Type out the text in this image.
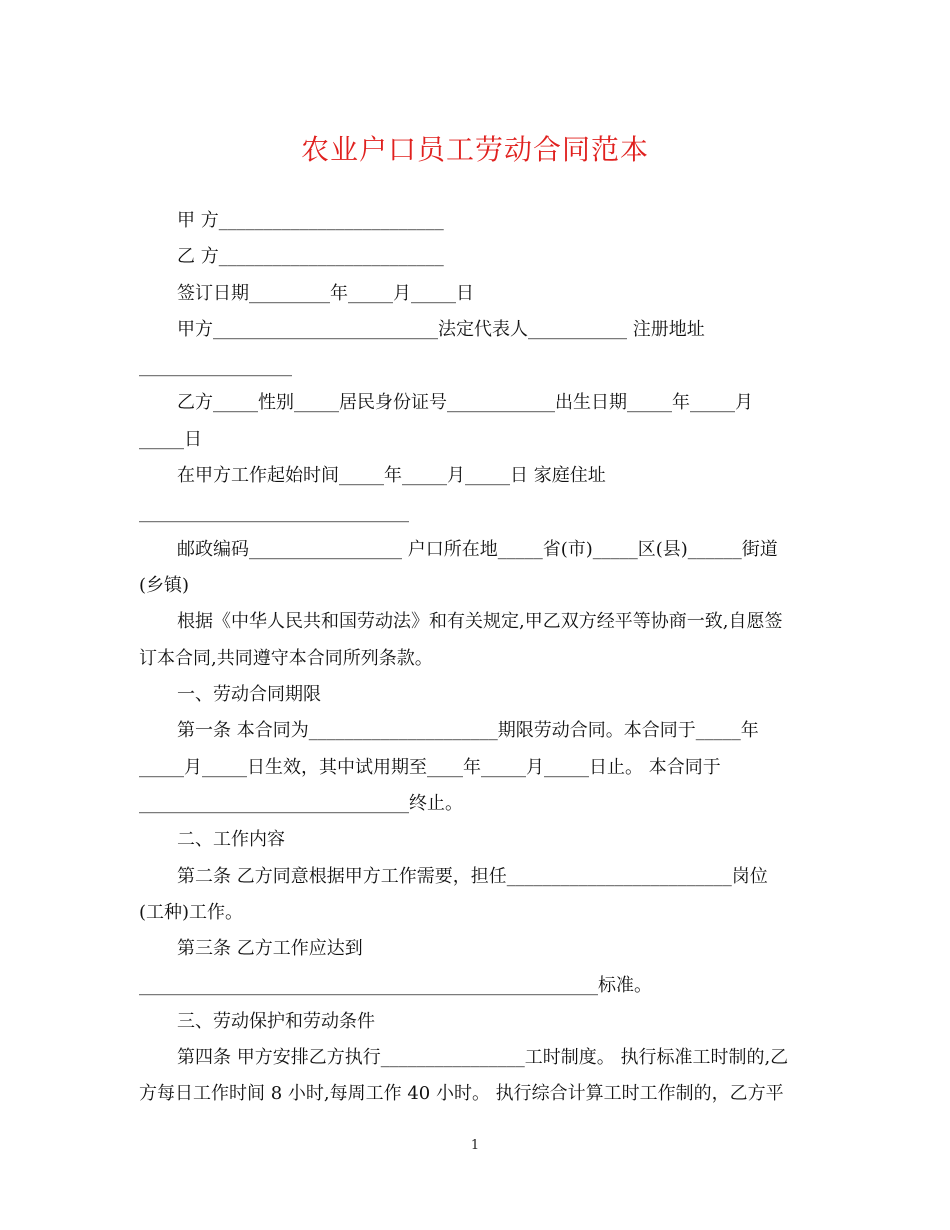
农业户口员工劳动合同范本
甲 方_________________________
乙 方_________________________
签订日期_________年_____月_____日
甲方_________________________法定代表人___________ 注册地址
_________________
乙方_____性别_____居民身份证号____________出生日期_____年_____月
_____日
在甲方工作起始时间_____年_____月_____日 家庭住址
______________________________
邮政编码_________________ 户口所在地_____省(市)_____区(县)______街道
(乡镇)
根据《中华人民共和国劳动法》和有关规定,甲乙双方经平等协商一致,自愿签
订本合同,共同遵守本合同所列条款。
一、劳动合同期限
第一条 本合同为_____________________期限劳动合同。本合同于_____年
_____月_____日生效，其中试用期至____年_____月_____日止。 本合同于
______________________________终止。
二、工作内容
第二条 乙方同意根据甲方工作需要，担任_________________________岗位
(工种)工作。
第三条 乙方工作应达到
___________________________________________________标准。
三、劳动保护和劳动条件
第四条 甲方安排乙方执行________________工时制度。 执行标准工时制的,乙
方每日工作时间 8 小时,每周工作 40 小时。 执行综合计算工时工作制的，乙方平
1
